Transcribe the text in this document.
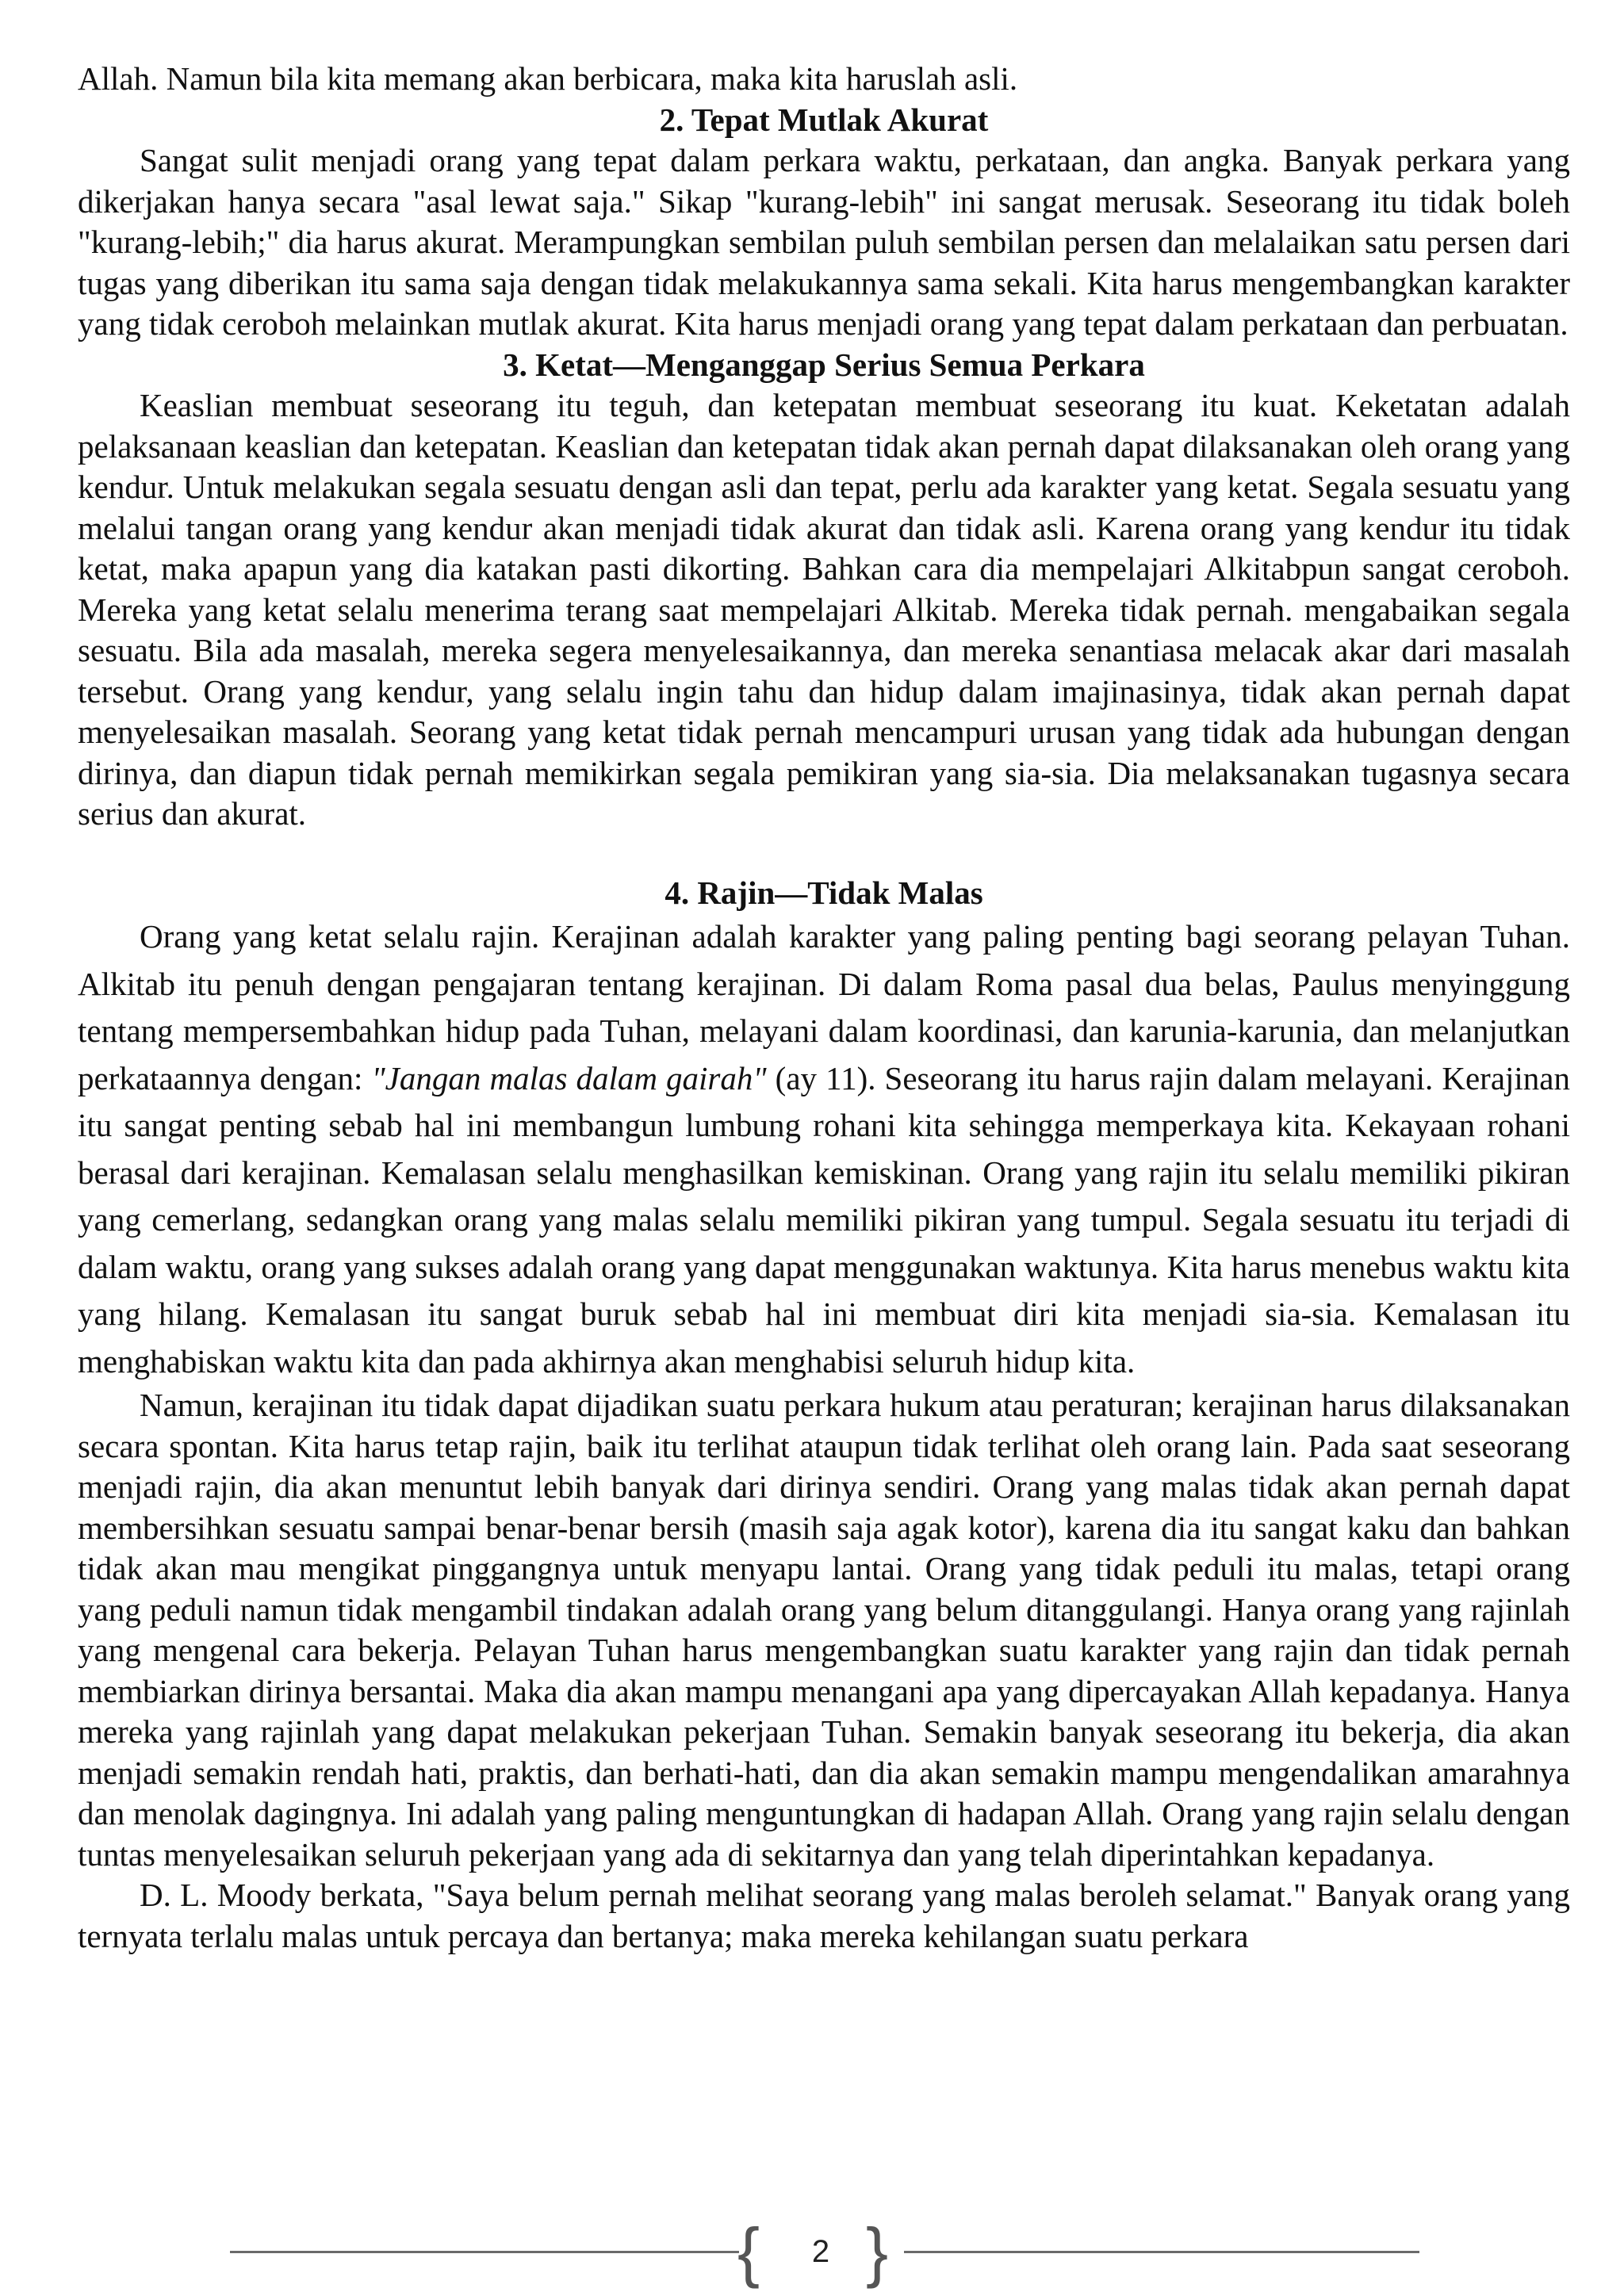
Allah. Namun bila kita memang akan berbicara, maka kita haruslah asli.

2. Tepat Mutlak Akurat

Sangat sulit menjadi orang yang tepat dalam perkara waktu, perkataan, dan angka. Banyak perkara yang dikerjakan hanya secara "asal lewat saja." Sikap "kurang-lebih" ini sangat merusak. Seseorang itu tidak boleh "kurang-lebih;" dia harus akurat. Merampungkan sembilan puluh sembilan persen dan melalaikan satu persen dari tugas yang diberikan itu sama saja dengan tidak melakukannya sama sekali. Kita harus mengembangkan karakter yang tidak ceroboh melainkan mutlak akurat. Kita harus menjadi orang yang tepat dalam perkataan dan perbuatan.

3. Ketat—Menganggap Serius Semua Perkara

Keaslian membuat seseorang itu teguh, dan ketepatan membuat seseorang itu kuat. Keketatan adalah pelaksanaan keaslian dan ketepatan. Keaslian dan ketepatan tidak akan pernah dapat dilaksanakan oleh orang yang kendur. Untuk melakukan segala sesuatu dengan asli dan tepat, perlu ada karakter yang ketat. Segala sesuatu yang melalui tangan orang yang kendur akan menjadi tidak akurat dan tidak asli. Karena orang yang kendur itu tidak ketat, maka apapun yang dia katakan pasti dikorting. Bahkan cara dia mempelajari Alkitabpun sangat ceroboh. Mereka yang ketat selalu menerima terang saat mempelajari Alkitab. Mereka tidak pernah. mengabaikan segala sesuatu. Bila ada masalah, mereka segera menyelesaikannya, dan mereka senantiasa melacak akar dari masalah tersebut. Orang yang kendur, yang selalu ingin tahu dan hidup dalam imajinasinya, tidak akan pernah dapat menyelesaikan masalah. Seorang yang ketat tidak pernah mencampuri urusan yang tidak ada hubungan dengan dirinya, dan diapun tidak pernah memikirkan segala pemikiran yang sia-sia. Dia melaksanakan tugasnya secara serius dan akurat.

4. Rajin—Tidak Malas

Orang yang ketat selalu rajin. Kerajinan adalah karakter yang paling penting bagi seorang pelayan Tuhan. Alkitab itu penuh dengan pengajaran tentang kerajinan. Di dalam Roma pasal dua belas, Paulus menyinggung tentang mempersembahkan hidup pada Tuhan, melayani dalam koordinasi, dan karunia-karunia, dan melanjutkan perkataannya dengan: "Jangan malas dalam gairah" (ay 11). Seseorang itu harus rajin dalam melayani. Kerajinan itu sangat penting sebab hal ini membangun lumbung rohani kita sehingga memperkaya kita. Kekayaan rohani berasal dari kerajinan. Kemalasan selalu menghasilkan kemiskinan. Orang yang rajin itu selalu memiliki pikiran yang cemerlang, sedangkan orang yang malas selalu memiliki pikiran yang tumpul. Segala sesuatu itu terjadi di dalam waktu, orang yang sukses adalah orang yang dapat menggunakan waktunya. Kita harus menebus waktu kita yang hilang. Kemalasan itu sangat buruk sebab hal ini membuat diri kita menjadi sia-sia. Kemalasan itu menghabiskan waktu kita dan pada akhirnya akan menghabisi seluruh hidup kita.

Namun, kerajinan itu tidak dapat dijadikan suatu perkara hukum atau peraturan; kerajinan harus dilaksanakan secara spontan. Kita harus tetap rajin, baik itu terlihat ataupun tidak terlihat oleh orang lain. Pada saat seseorang menjadi rajin, dia akan menuntut lebih banyak dari dirinya sendiri. Orang yang malas tidak akan pernah dapat membersihkan sesuatu sampai benar-benar bersih (masih saja agak kotor), karena dia itu sangat kaku dan bahkan tidak akan mau mengikat pinggangnya untuk menyapu lantai. Orang yang tidak peduli itu malas, tetapi orang yang peduli namun tidak mengambil tindakan adalah orang yang belum ditanggulangi. Hanya orang yang rajinlah yang mengenal cara bekerja. Pelayan Tuhan harus mengembangkan suatu karakter yang rajin dan tidak pernah membiarkan dirinya bersantai. Maka dia akan mampu menangani apa yang dipercayakan Allah kepadanya. Hanya mereka yang rajinlah yang dapat melakukan pekerjaan Tuhan. Semakin banyak seseorang itu bekerja, dia akan menjadi semakin rendah hati, praktis, dan berhati-hati, dan dia akan semakin mampu mengendalikan amarahnya dan menolak dagingnya. Ini adalah yang paling menguntungkan di hadapan Allah. Orang yang rajin selalu dengan tuntas menyelesaikan seluruh pekerjaan yang ada di sekitarnya dan yang telah diperintahkan kepadanya.

D. L. Moody berkata, "Saya belum pernah melihat seorang yang malas beroleh selamat." Banyak orang yang ternyata terlalu malas untuk percaya dan bertanya; maka mereka kehilangan suatu perkara

{	2 }
